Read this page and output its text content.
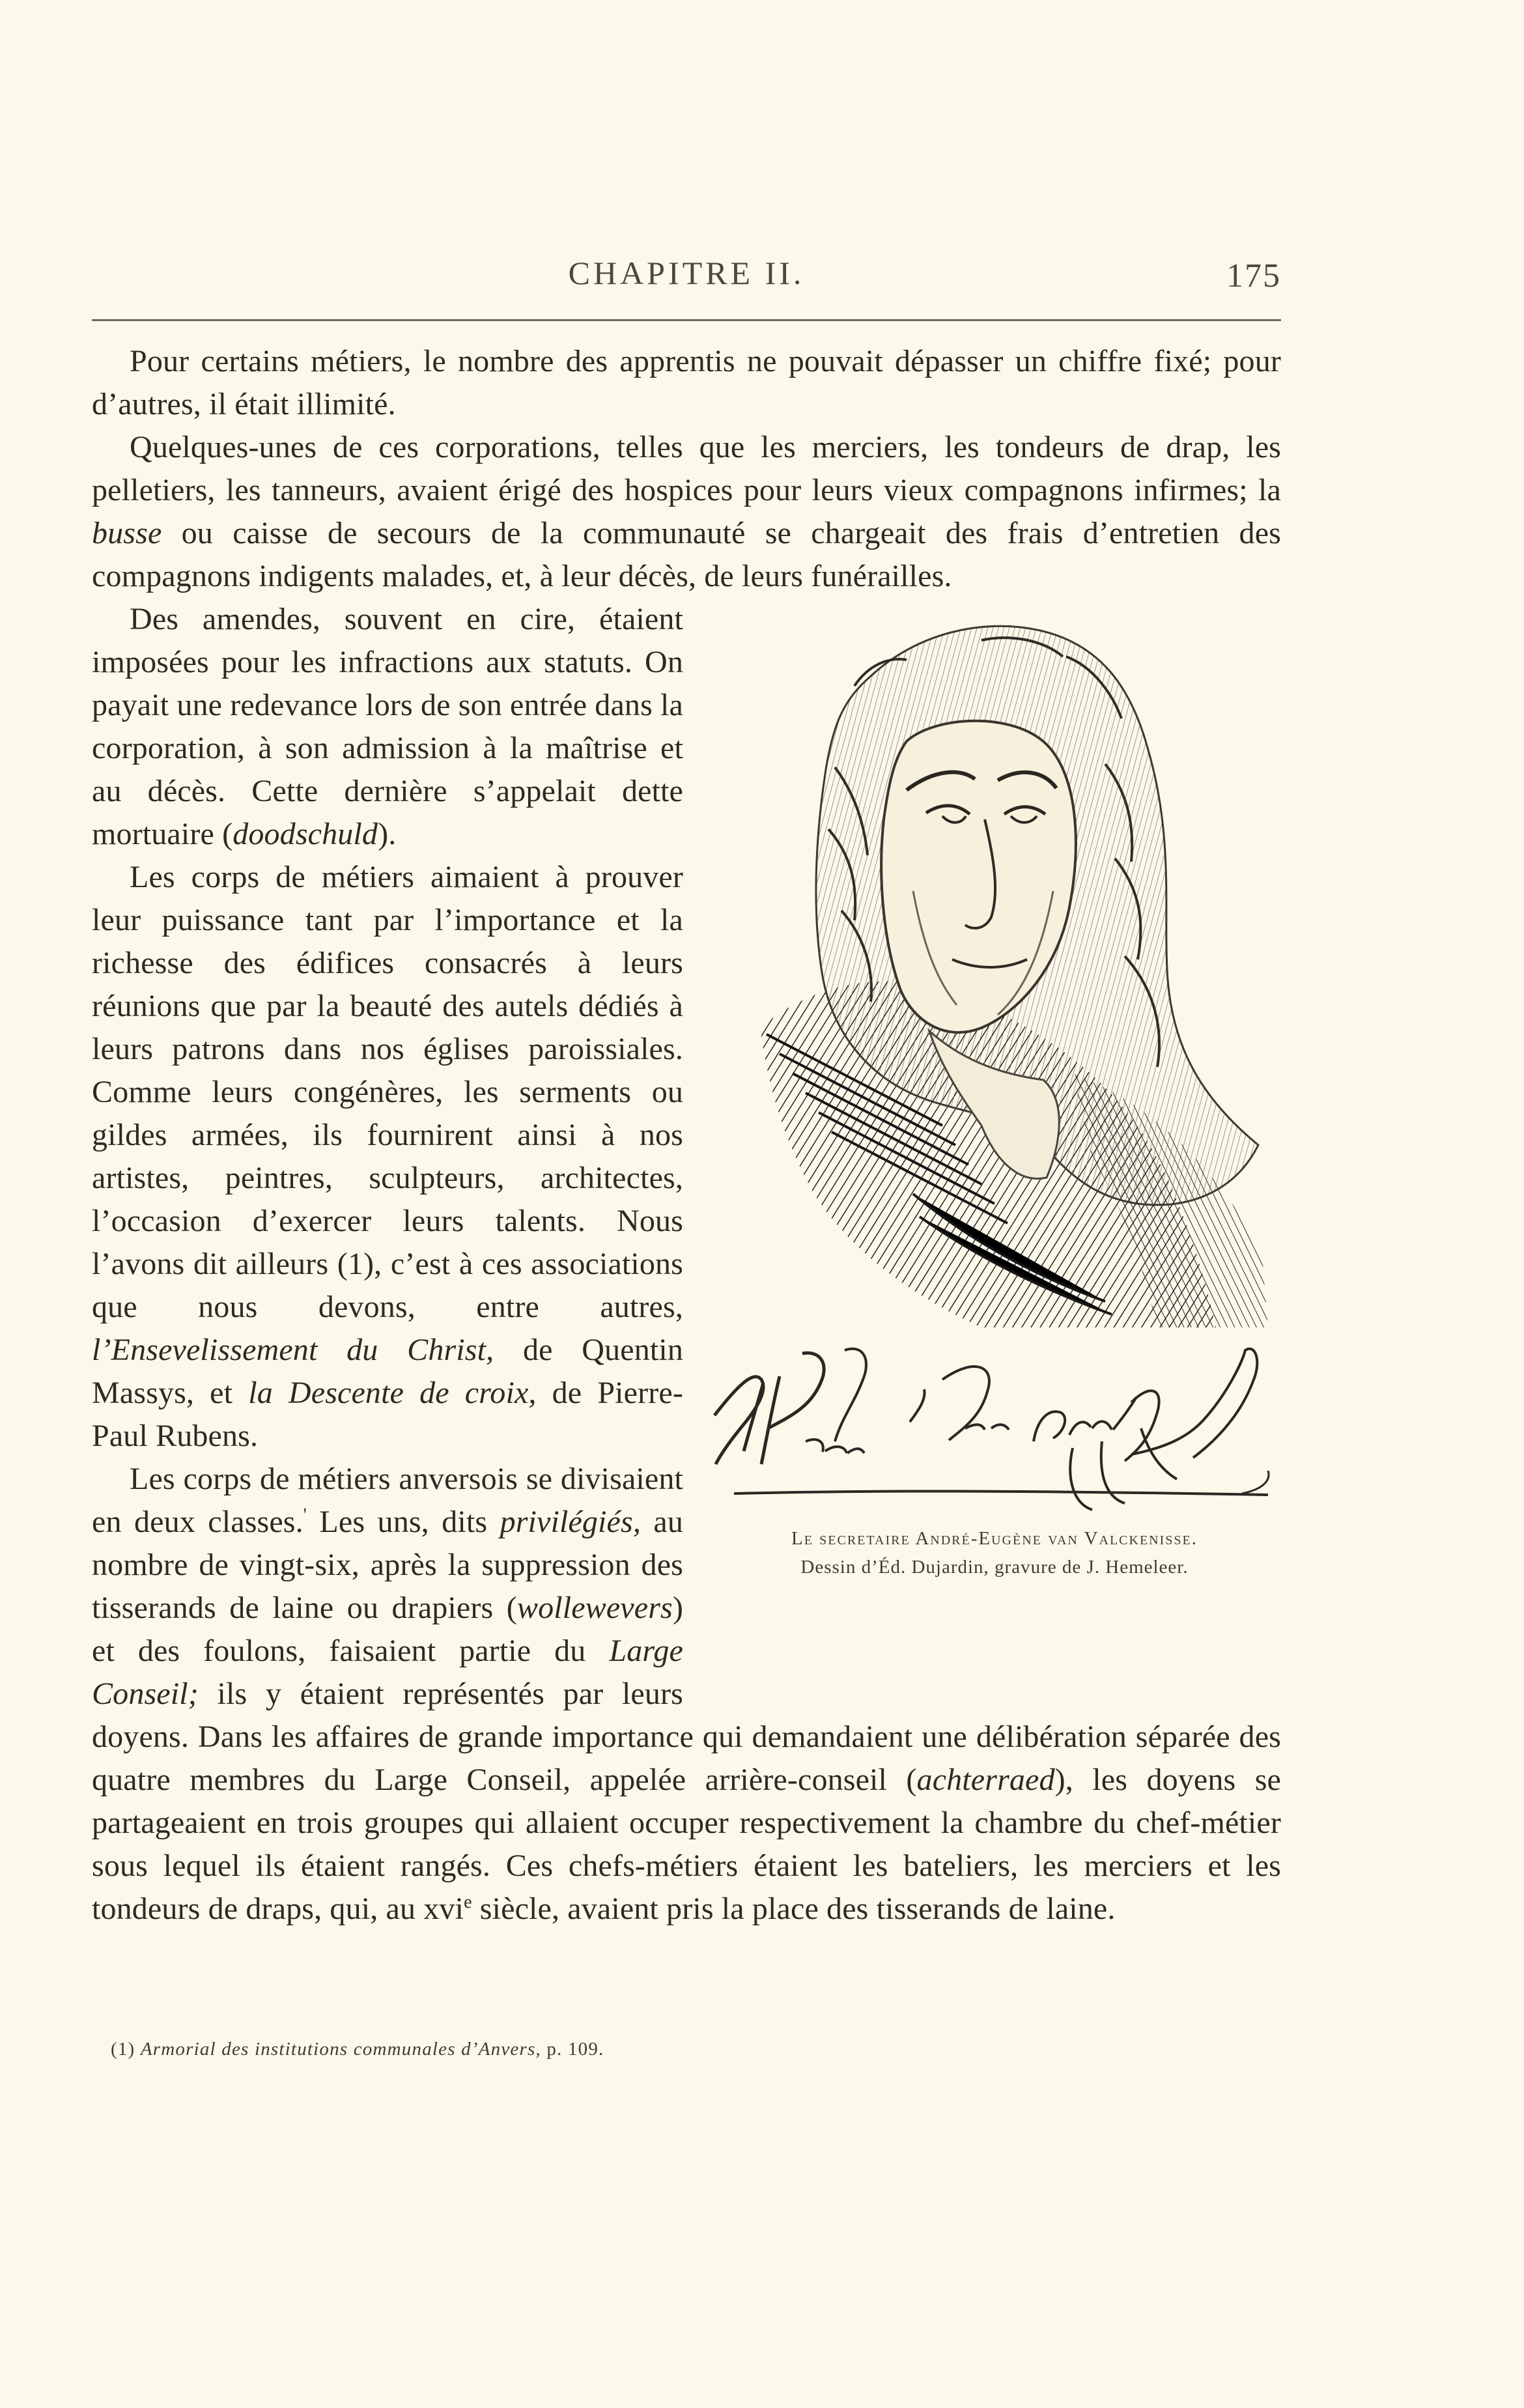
CHAPITRE II.	175

Pour certains métiers, le nombre des apprentis ne pouvait dépasser un chiffre fixé; pour d’autres, il était illimité.

Quelques-unes de ces corporations, telles que les merciers, les tondeurs de drap, les pelletiers, les tanneurs, avaient érigé des hospices pour leurs vieux compagnons infirmes; la busse ou caisse de secours de la communauté se chargeait des frais d’entretien des compagnons indigents malades, et, à leur décès, de leurs funérailles.

Le secretaire André-Eugène van Valckenisse.
Dessin d’Éd. Dujardin, gravure de J. Hemeleer.

Des amendes, souvent en cire, étaient imposées pour les infractions aux statuts. On payait une redevance lors de son entrée dans la corporation, à son admission à la maîtrise et au décès. Cette dernière s’appelait dette mortuaire (doodschuld).

Les corps de métiers aimaient à prouver leur puissance tant par l’importance et la richesse des édifices consacrés à leurs réunions que par la beauté des autels dédiés à leurs patrons dans nos églises paroissiales. Comme leurs congénères, les serments ou gildes armées, ils fournirent ainsi à nos artistes, peintres, sculpteurs, architectes, l’occasion d’exercer leurs talents. Nous l’avons dit ailleurs (1), c’est à ces associations que nous devons, entre autres, l’Ensevelissement du Christ, de Quentin Massys, et la Descente de croix, de Pierre-Paul Rubens.

Les corps de métiers anversois se divisaient en deux classes.' Les uns, dits privilégiés, au nombre de vingt-six, après la suppression des tisserands de laine ou drapiers (wollewevers) et des foulons, faisaient partie du Large Conseil; ils y étaient représentés par leurs doyens. Dans les affaires de grande importance qui demandaient une délibération séparée des quatre membres du Large Conseil, appelée arrière-conseil (achterraed), les doyens se partageaient en trois groupes qui allaient occuper respectivement la chambre du chef-métier sous lequel ils étaient rangés. Ces chefs-métiers étaient les bateliers, les merciers et les tondeurs de draps, qui, au xvi$^e$ siècle, avaient pris la place des tisserands de laine.

(1) Armorial des institutions communales d’Anvers, p. 109.
